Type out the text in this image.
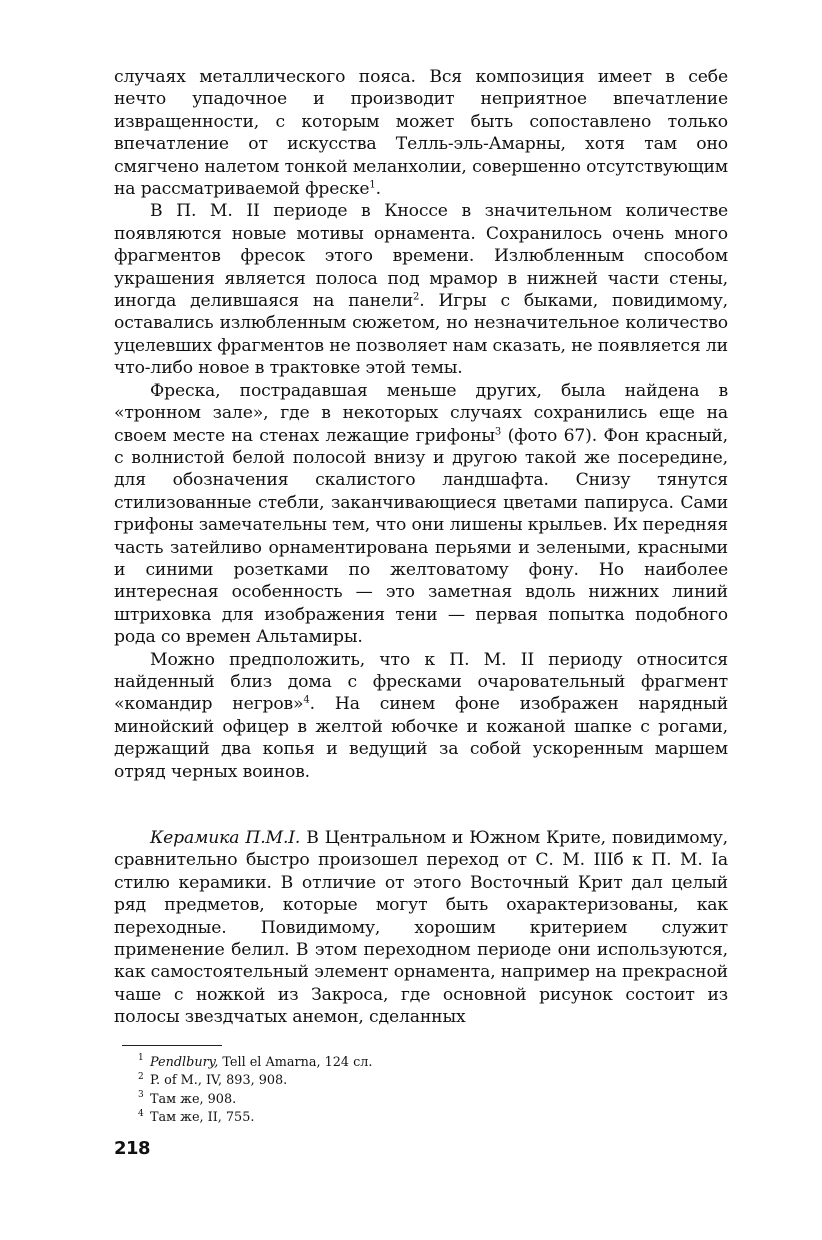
случаях металлического пояса. Вся композиция имеет в себе нечто упадочное и производит неприятное впечатление извращенности, с которым может быть сопоставлено только впечатление от искусства Телль-эль-Амарны, хотя там оно смягчено налетом тонкой меланхолии, совершенно отсутствующим на рассматриваемой фреске$^1$.

В П. М. II периоде в Кноссе в значительном количестве появляются новые мотивы орнамента. Сохранилось очень много фрагментов фресок этого времени. Излюбленным способом украшения является полоса под мрамор в нижней части стены, иногда делившаяся на панели$^2$. Игры с быками, повидимому, оставались излюбленным сюжетом, но незначительное количество уцелевших фрагментов не позволяет нам сказать, не появляется ли что-либо новое в трактовке этой темы.

Фреска, пострадавшая меньше других, была найдена в «тронном зале», где в некоторых случаях сохранились еще на своем месте на стенах лежащие грифоны$^3$ (фото 67). Фон красный, с волнистой белой полосой внизу и другою такой же посередине, для обозначения скалистого ландшафта. Снизу тянутся стилизованные стебли, заканчивающиеся цветами папируса. Сами грифоны замечательны тем, что они лишены крыльев. Их передняя часть затейливо орнаментирована перьями и зелеными, красными и синими розетками по желтоватому фону. Но наиболее интересная особенность — это заметная вдоль нижних линий штриховка для изображения тени — первая попытка подобного рода со времен Альтамиры.

Можно предположить, что к П. М. II периоду относится найденный близ дома с фресками очаровательный фрагмент «командир негров»$^4$. На синем фоне изображен нарядный минойский офицер в желтой юбочке и кожаной шапке с рогами, держащий два копья и ведущий за собой ускоренным маршем отряд черных воинов.

Керамика П.М.I. В Центральном и Южном Крите, повидимому, сравнительно быстро произошел переход от С. М. IIIб к П. М. Iа стилю керамики. В отличие от этого Восточный Крит дал целый ряд предметов, которые могут быть охарактеризованы, как переходные. Повидимому, хорошим критерием служит применение белил. В этом переходном периоде они используются, как самостоятельный элемент орнамента, например на прекрасной чаше с ножкой из Закроса, где основной рисунок состоит из полосы звездчатых анемон, сделанных

1 Pendlbury, Tell el Amarna, 124 сл.
2 P. of M., IV, 893, 908.
3 Там же, 908.
4 Там же, II, 755.
218
